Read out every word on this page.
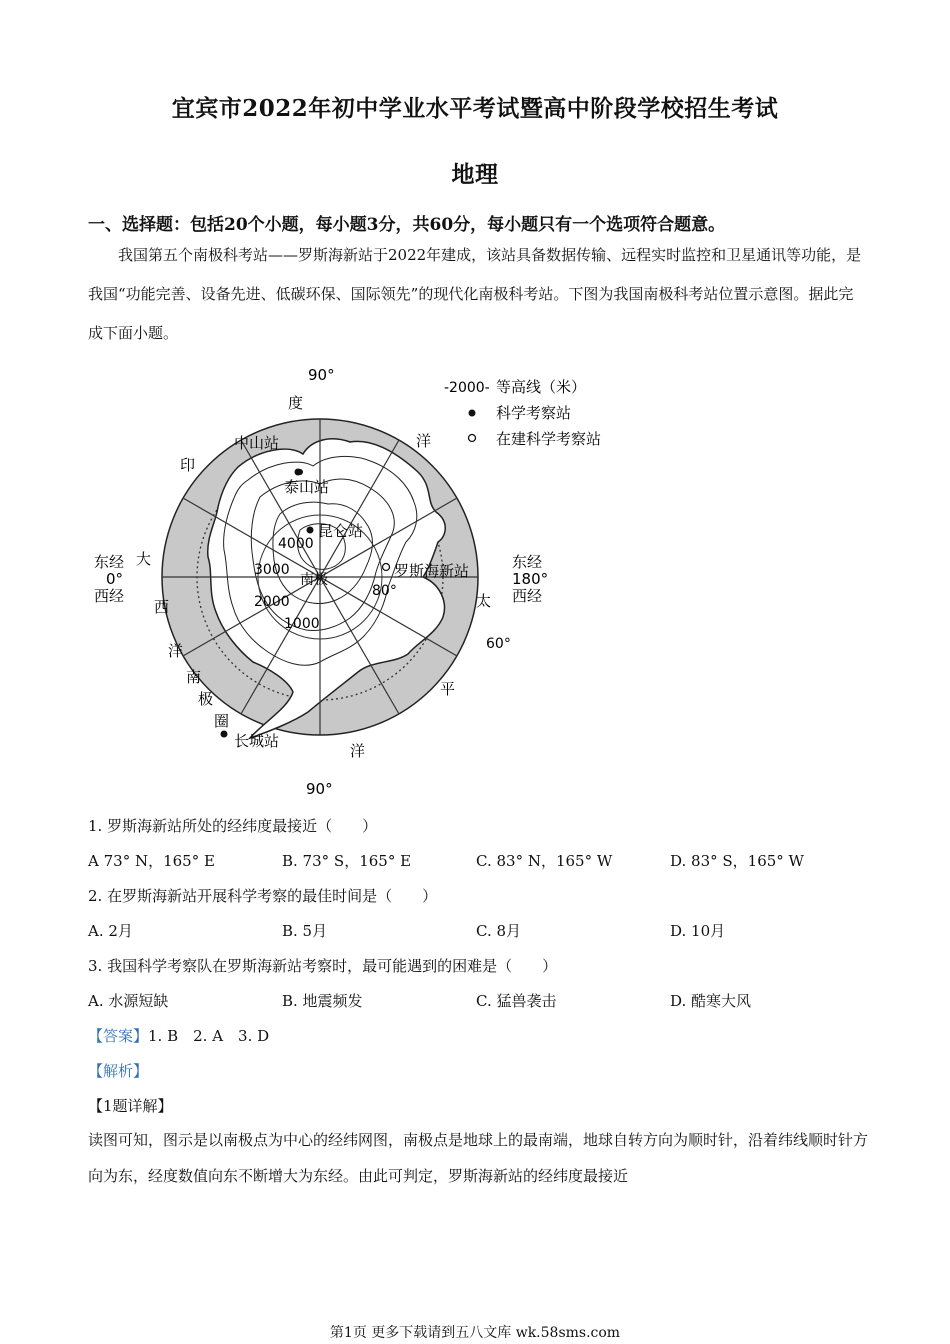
宜宾市2022年初中学业水平考试暨高中阶段学校招生考试
地理
一、选择题：包括20个小题，每小题3分，共60分，每小题只有一个选项符合题意。
我国第五个南极科考站——罗斯海新站于2022年建成，该站具备数据传输、远程实时监控和卫星通讯等功能，是我国“功能完善、设备先进、低碳环保、国际领先”的现代化南极科考站。下图为我国南极科考站位置示意图。据此完成下面小题。
90°
90°
东经
0°
西经
东经
180°
西经
印
度
洋
大
西
洋
太
平
洋
南
极
圈
80°
60°
南极
4000
3000
2000
1000
中山站
泰山站
昆仑站
罗斯海新站
长城站
-2000- 等高线（米）
科学考察站
在建科学考察站
1. 罗斯海新站所处的经纬度最接近（　　）
A 73° N，165° E	B. 73° S，165° E	C. 83° N，165° W	D. 83° S，165° W
2. 在罗斯海新站开展科学考察的最佳时间是（　　）
A. 2月	B. 5月	C. 8月	D. 10月
3. 我国科学考察队在罗斯海新站考察时，最可能遇到的困难是（　　）
A. 水源短缺	B. 地震频发	C. 猛兽袭击	D. 酷寒大风
【答案】1. B　2. A　3. D
【解析】
【1题详解】
读图可知，图示是以南极点为中心的经纬网图，南极点是地球上的最南端，地球自转方向为顺时针，沿着纬线顺时针方向为东，经度数值向东不断增大为东经。由此可判定，罗斯海新站的经纬度最接近
第1页 更多下载请到五八文库 wk.58sms.com
